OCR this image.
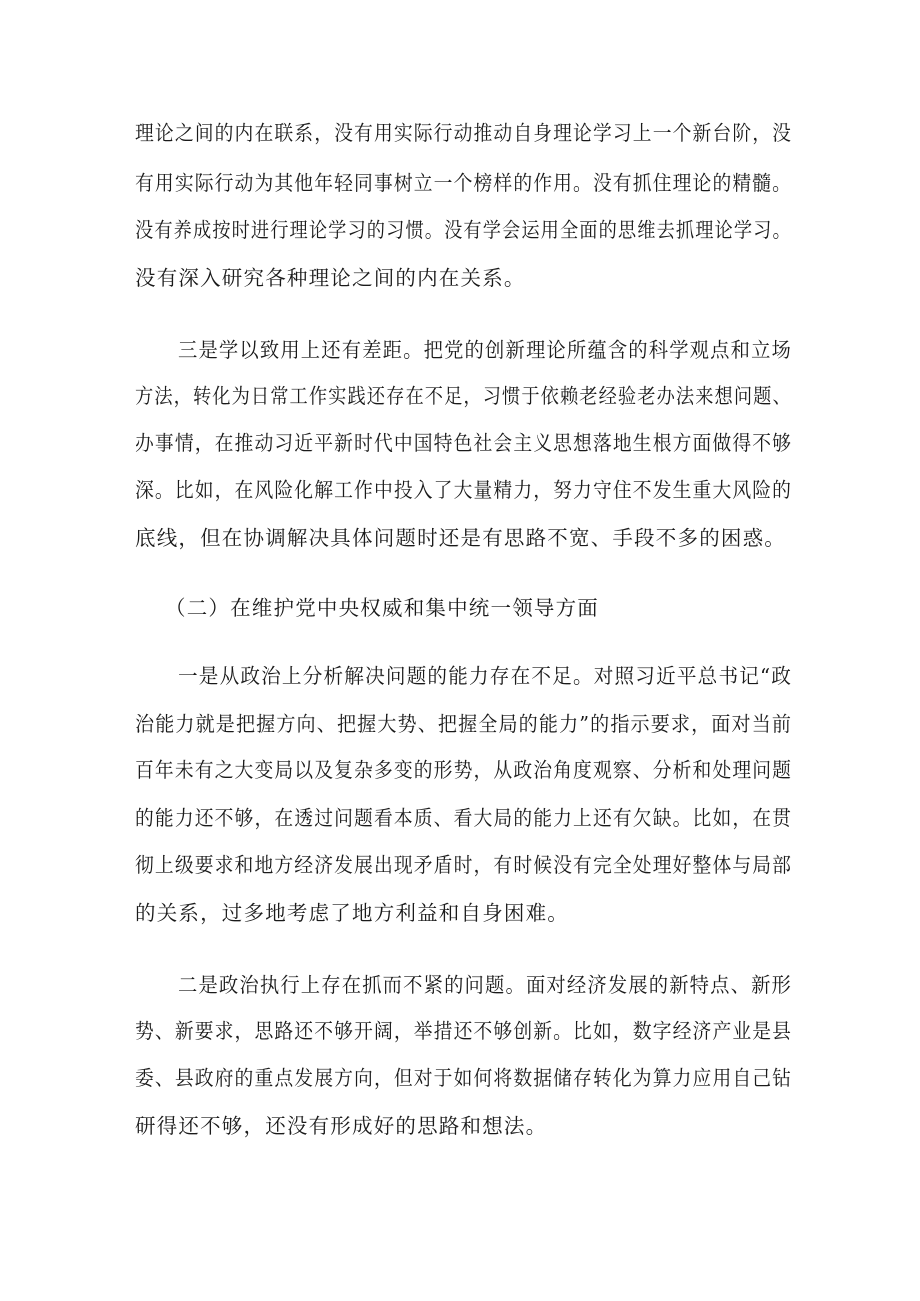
理论之间的内在联系，没有用实际行动推动自身理论学习上一个新台阶，没
有用实际行动为其他年轻同事树立一个榜样的作用。没有抓住理论的精髓。
没有养成按时进行理论学习的习惯。没有学会运用全面的思维去抓理论学习。
没有深入研究各种理论之间的内在关系。
三是学以致用上还有差距。把党的创新理论所蕴含的科学观点和立场
方法，转化为日常工作实践还存在不足，习惯于依赖老经验老办法来想问题、
办事情，在推动习近平新时代中国特色社会主义思想落地生根方面做得不够
深。比如，在风险化解工作中投入了大量精力，努力守住不发生重大风险的
底线，但在协调解决具体问题时还是有思路不宽、手段不多的困惑。
（二）在维护党中央权威和集中统一领导方面
一是从政治上分析解决问题的能力存在不足。对照习近平总书记“政
治能力就是把握方向、把握大势、把握全局的能力”的指示要求，面对当前
百年未有之大变局以及复杂多变的形势，从政治角度观察、分析和处理问题
的能力还不够，在透过问题看本质、看大局的能力上还有欠缺。比如，在贯
彻上级要求和地方经济发展出现矛盾时，有时候没有完全处理好整体与局部
的关系，过多地考虑了地方利益和自身困难。
二是政治执行上存在抓而不紧的问题。面对经济发展的新特点、新形
势、新要求，思路还不够开阔，举措还不够创新。比如，数字经济产业是县
委、县政府的重点发展方向，但对于如何将数据储存转化为算力应用自己钻
研得还不够，还没有形成好的思路和想法。
